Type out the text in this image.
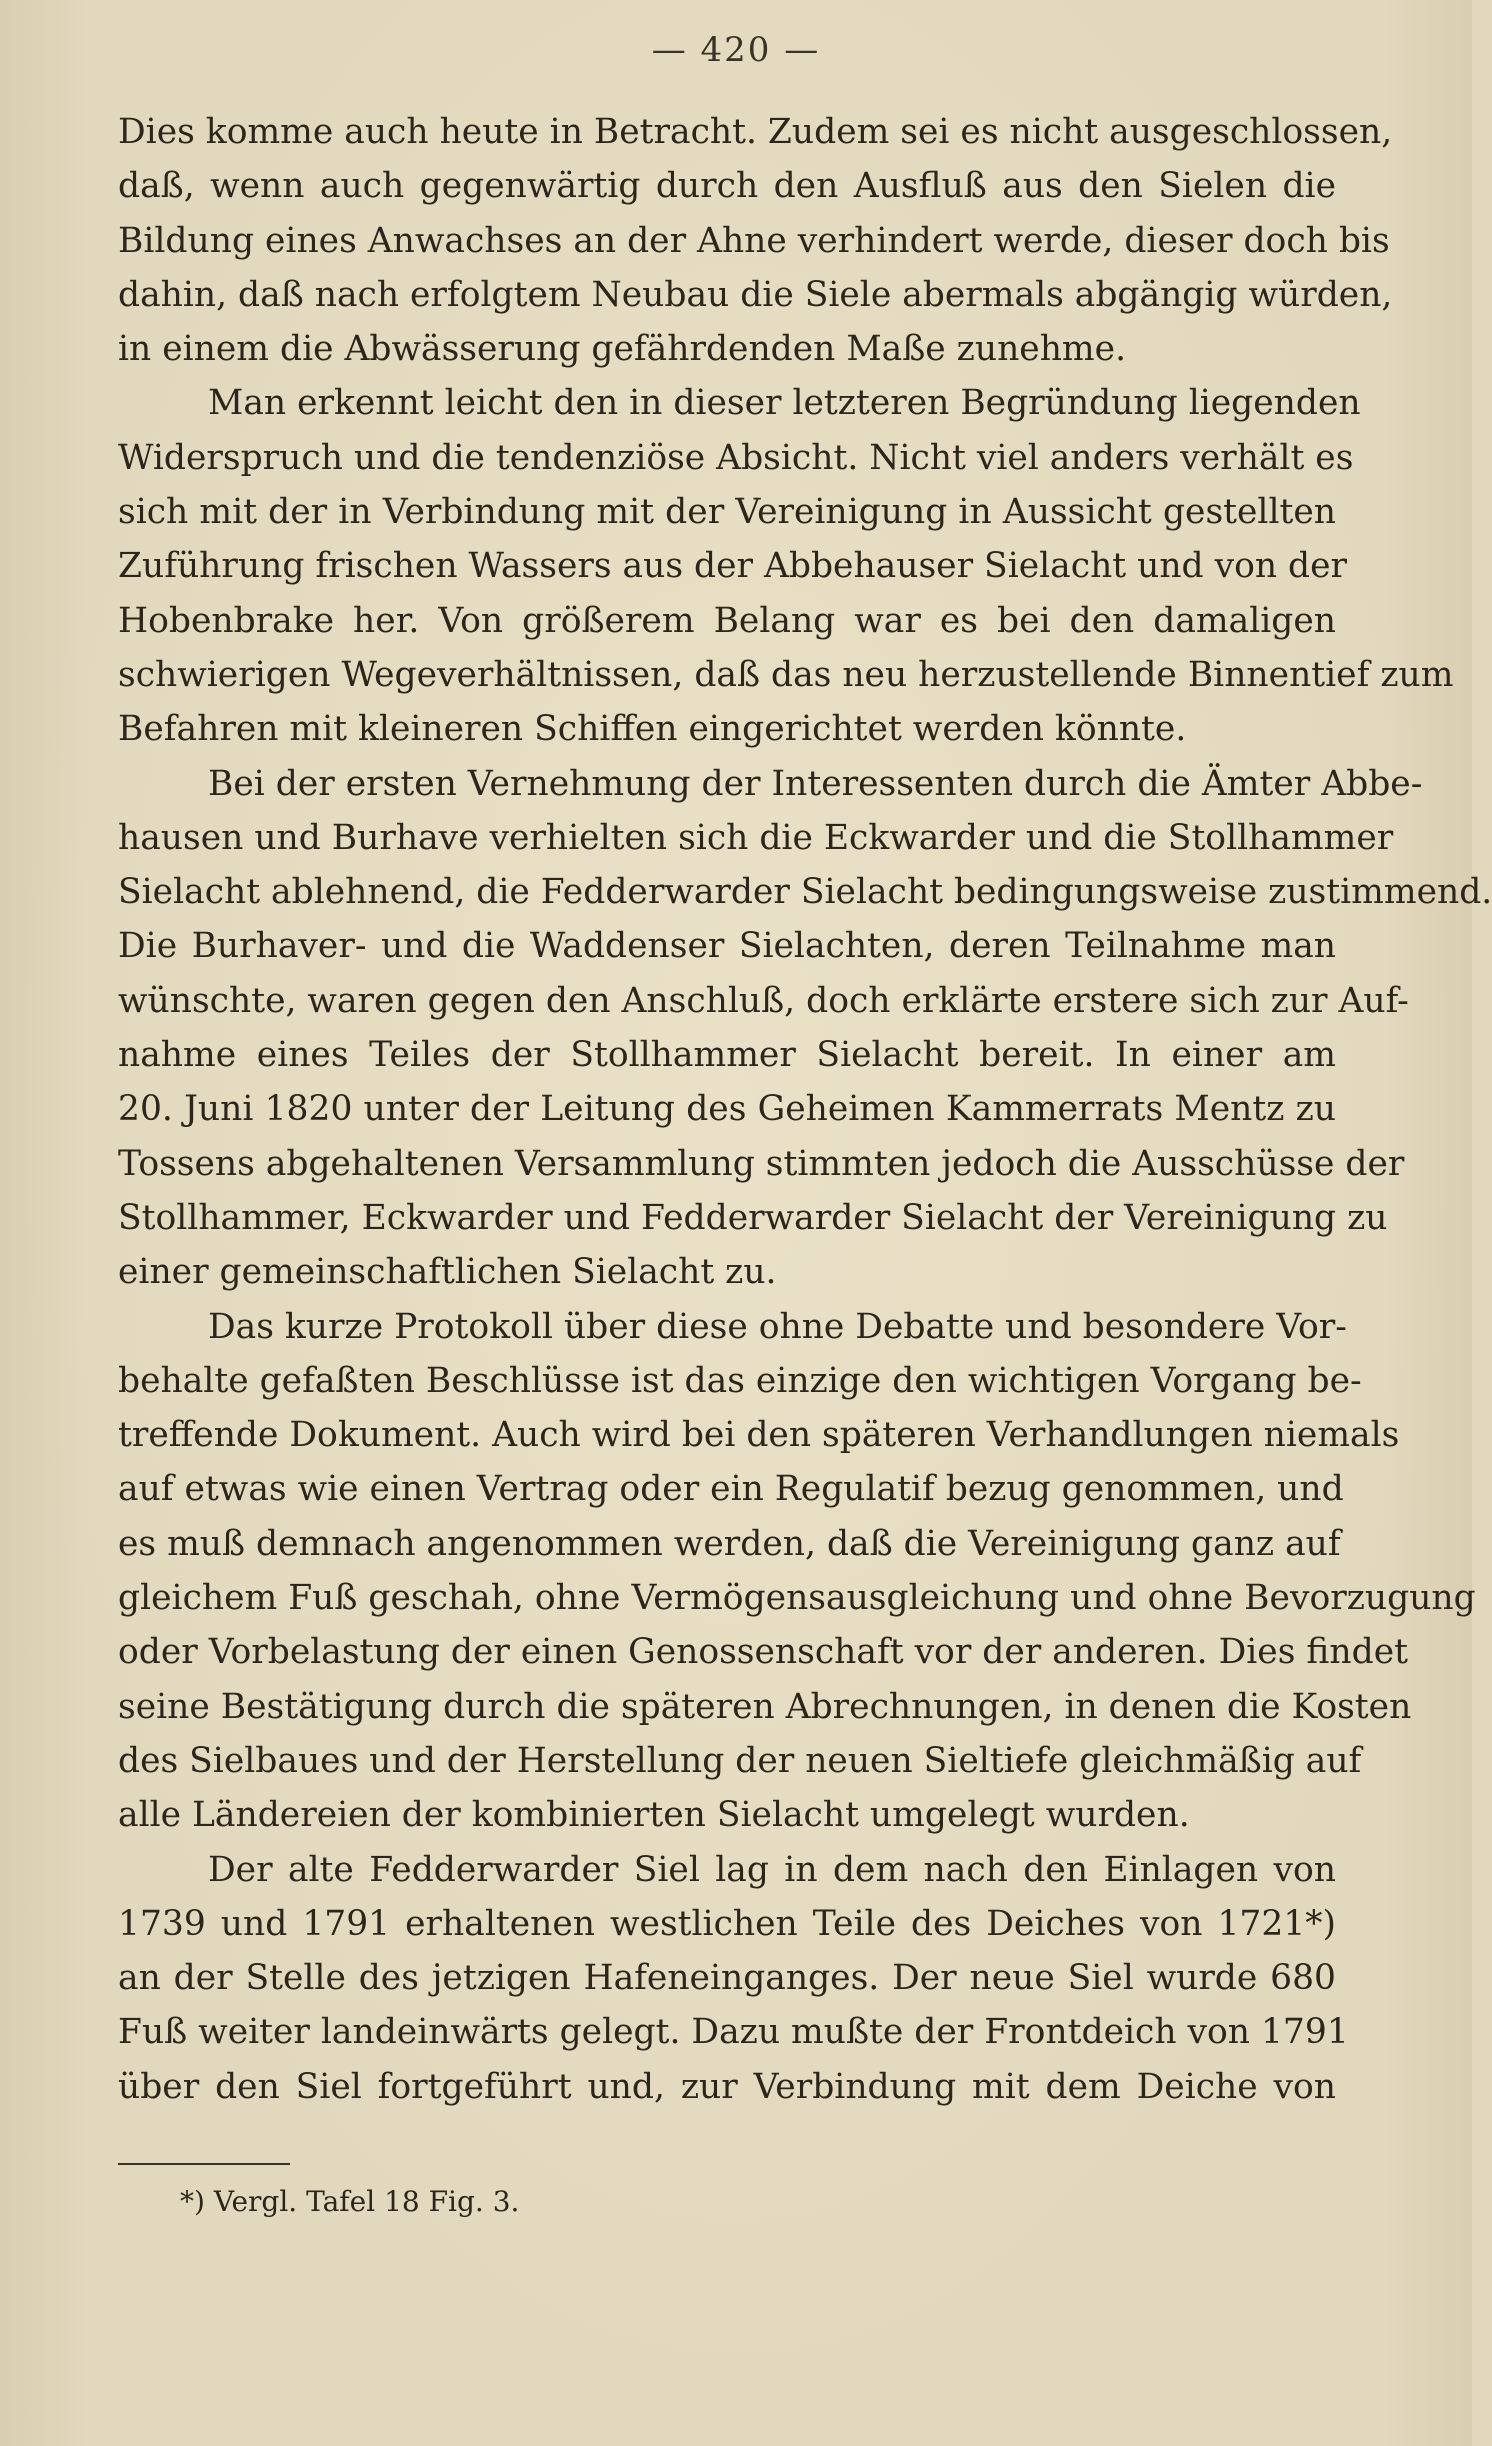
— 420 —
Dies komme auch heute in Betracht. Zudem sei es nicht ausgeschlossen,
daß, wenn auch gegenwärtig durch den Ausfluß aus den Sielen die
Bildung eines Anwachses an der Ahne verhindert werde, dieser doch bis
dahin, daß nach erfolgtem Neubau die Siele abermals abgängig würden,
in einem die Abwässerung gefährdenden Maße zunehme.
Man erkennt leicht den in dieser letzteren Begründung liegenden
Widerspruch und die tendenziöse Absicht. Nicht viel anders verhält es
sich mit der in Verbindung mit der Vereinigung in Aussicht gestellten
Zuführung frischen Wassers aus der Abbehauser Sielacht und von der
Hobenbrake her. Von größerem Belang war es bei den damaligen
schwierigen Wegeverhältnissen, daß das neu herzustellende Binnentief zum
Befahren mit kleineren Schiffen eingerichtet werden könnte.
Bei der ersten Vernehmung der Interessenten durch die Ämter Abbe-
hausen und Burhave verhielten sich die Eckwarder und die Stollhammer
Sielacht ablehnend, die Fedderwarder Sielacht bedingungsweise zustimmend.
Die Burhaver- und die Waddenser Sielachten, deren Teilnahme man
wünschte, waren gegen den Anschluß, doch erklärte erstere sich zur Auf-
nahme eines Teiles der Stollhammer Sielacht bereit. In einer am
20. Juni 1820 unter der Leitung des Geheimen Kammerrats Mentz zu
Tossens abgehaltenen Versammlung stimmten jedoch die Ausschüsse der
Stollhammer, Eckwarder und Fedderwarder Sielacht der Vereinigung zu
einer gemeinschaftlichen Sielacht zu.
Das kurze Protokoll über diese ohne Debatte und besondere Vor-
behalte gefaßten Beschlüsse ist das einzige den wichtigen Vorgang be-
treffende Dokument. Auch wird bei den späteren Verhandlungen niemals
auf etwas wie einen Vertrag oder ein Regulatif bezug genommen, und
es muß demnach angenommen werden, daß die Vereinigung ganz auf
gleichem Fuß geschah, ohne Vermögensausgleichung und ohne Bevorzugung
oder Vorbelastung der einen Genossenschaft vor der anderen. Dies findet
seine Bestätigung durch die späteren Abrechnungen, in denen die Kosten
des Sielbaues und der Herstellung der neuen Sieltiefe gleichmäßig auf
alle Ländereien der kombinierten Sielacht umgelegt wurden.
Der alte Fedderwarder Siel lag in dem nach den Einlagen von
1739 und 1791 erhaltenen westlichen Teile des Deiches von 1721*)
an der Stelle des jetzigen Hafeneinganges. Der neue Siel wurde 680
Fuß weiter landeinwärts gelegt. Dazu mußte der Frontdeich von 1791
über den Siel fortgeführt und, zur Verbindung mit dem Deiche von
*) Vergl. Tafel 18 Fig. 3.
